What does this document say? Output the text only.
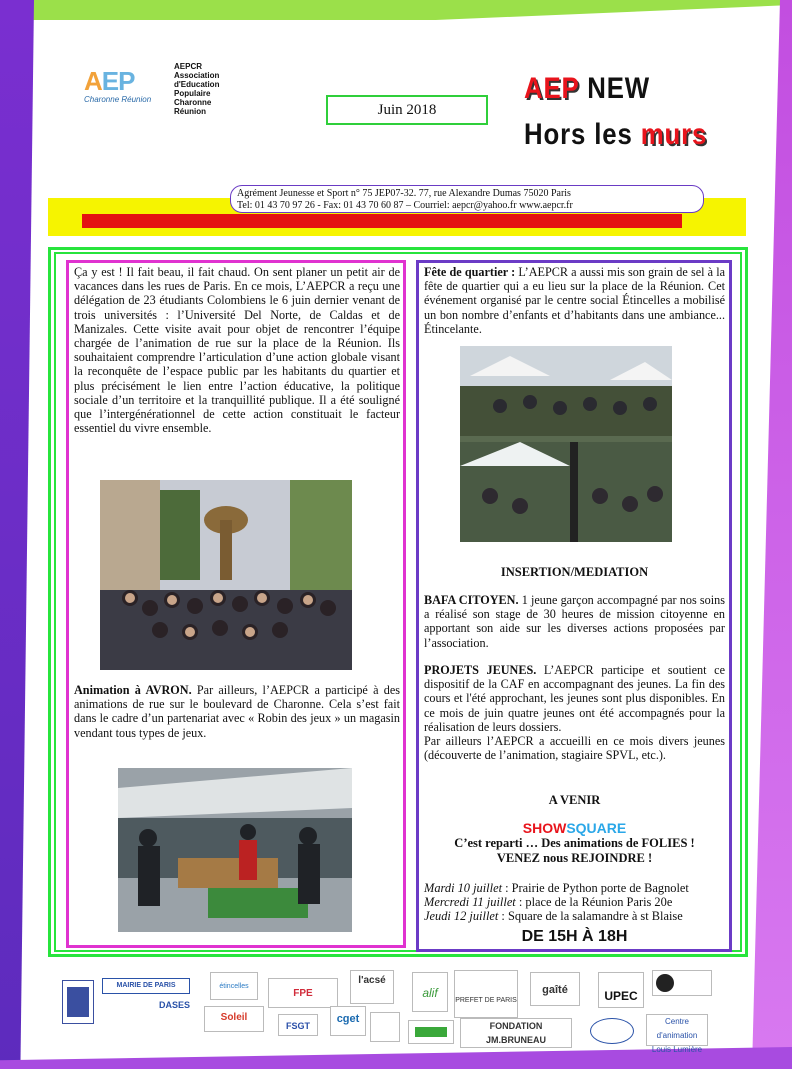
AEP
Charonne Réunion
AEPCR
Association
d'Education
Populaire
Charonne
Réunion	Juin 2018
AEP NEW
Hors les murs
Agrément Jeunesse et Sport n° 75 JEP07-32. 77, rue Alexandre Dumas 75020 Paris
Tel: 01 43 70 97 26 - Fax: 01 43 70 60 87 – Courriel: aepcr@yahoo.fr www.aepcr.fr
Ça y est ! Il fait beau, il fait chaud. On sent planer un petit air de vacances dans les rues de Paris. En ce mois, L’AEPCR a reçu une délégation de 23 étudiants Colombiens le 6 juin dernier venant de trois universités : l’Université Del Norte, de Caldas et de Manizales. Cette visite avait pour objet de rencontrer l’équipe chargée de l’animation de rue sur la place de la Réunion. Ils souhaitaient comprendre l’articulation d’une action globale visant la reconquête de l’espace public par les habitants du quartier et plus précisément le lien entre l’action éducative, la politique sociale d’un territoire et la tranquillité publique. Il a été souligné que l’intergénérationnel de cette action constituait le facteur essentiel du vivre ensemble.
Animation à AVRON. Par ailleurs, l’AEPCR a participé à des animations de rue sur le boulevard de Charonne. Cela s’est fait dans le cadre d’un partenariat avec « Robin des jeux » un magasin vendant tous types de jeux.
Fête de quartier : L’AEPCR a aussi mis son grain de sel à la fête de quartier qui a eu lieu sur la place de la Réunion. Cet événement organisé par le centre social Étincelles a mobilisé un bon nombre d’enfants et d’habitants dans une ambiance... Étincelante.
INSERTION/MEDIATION
BAFA CITOYEN. 1 jeune garçon accompagné par nos soins a réalisé son stage de 30 heures de mission citoyenne en apportant son aide sur les diverses actions proposées par l’association.
PROJETS JEUNES. L’AEPCR participe et soutient ce dispositif de la CAF en accompagnant des jeunes. La fin des cours et l'été approchant, les jeunes sont plus disponibles. En ce mois de juin quatre jeunes ont été accompagnés pour la réalisation de leurs dossiers.
Par ailleurs l’AEPCR a accueilli en ce mois divers jeunes (découverte de l’animation, stagiaire SPVL, etc.).
A VENIR
SHOWSQUARE
C’est reparti … Des animations de FOLIES !
VENEZ nous REJOINDRE !
Mardi 10 juillet : Prairie de Python porte de Bagnolet
Mercredi 11 juillet : place de la Réunion Paris 20e
Jeudi 12 juillet : Square de la salamandre à st Blaise
DE 15H À 18H
MAIRIE DE PARIS
DASES
étincelles
FPE
l'acsé
alif
PREFET DE PARIS
gaîté	UPEC
Soleil
FSGT
cget
FONDATION JM.BRUNEAU
Centre d'animation Louis Lumière
